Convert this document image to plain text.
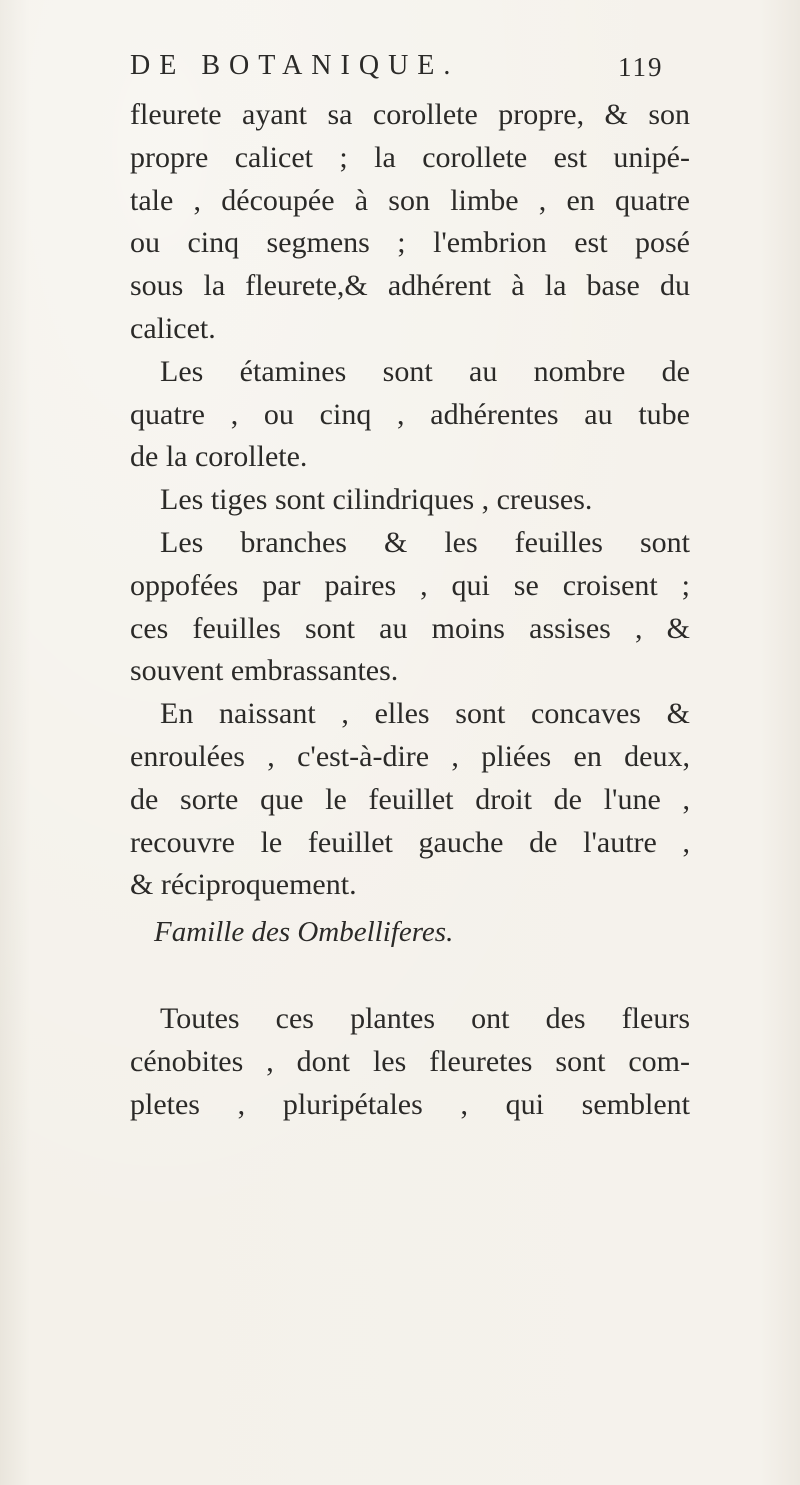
DE BOTANIQUE.	119
fleurete ayant sa corollete propre, & son
propre calicet ; la corollete est unipé-
tale , découpée à son limbe , en quatre
ou cinq segmens ; l'embrion est posé
sous la fleurete,& adhérent à la base du
calicet.
Les étamines sont au nombre de
quatre , ou cinq , adhérentes au tube
de la corollete.
Les tiges sont cilindriques , creuses.
Les branches & les feuilles sont
oppofées par paires , qui se croisent ;
ces feuilles sont au moins assises , &
souvent embrassantes.
En naissant , elles sont concaves &
enroulées , c'est-à-dire , pliées en deux,
de sorte que le feuillet droit de l'une ,
recouvre le feuillet gauche de l'autre ,
& réciproquement.
Famille des Ombelliferes.
Toutes ces plantes ont des fleurs
cénobites , dont les fleuretes sont com-
pletes , pluripétales , qui semblent
